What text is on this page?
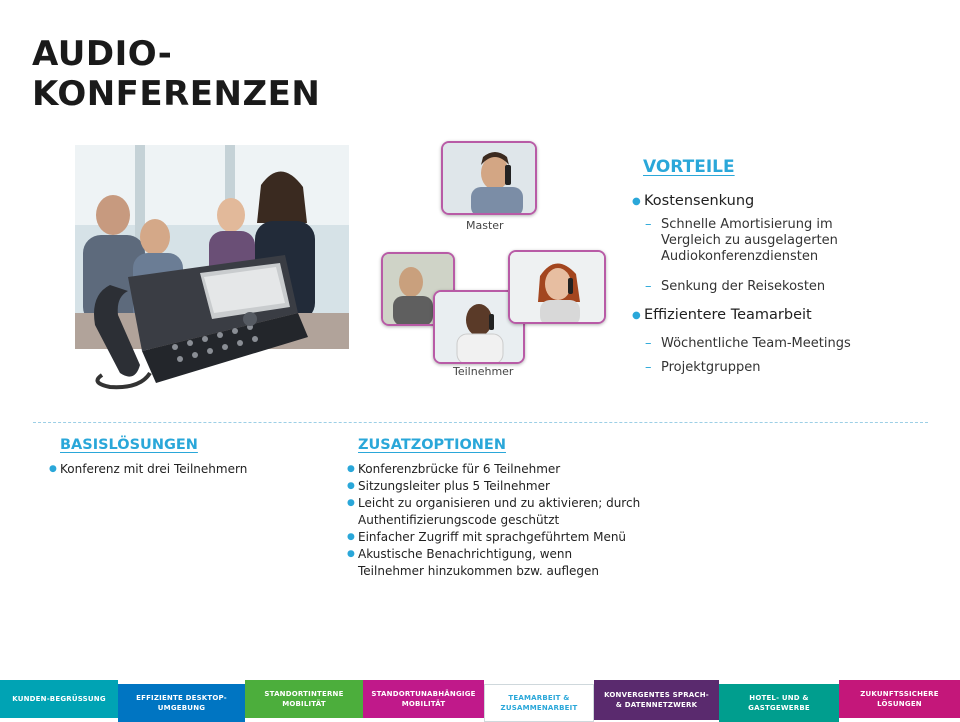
AUDIO-
KONFERENZEN
Master
Teilnehmer
VORTEILE
● Kostensenkung
– Schnelle Amortisierung im Vergleich zu ausgelagerten Audiokonferenzdiensten
– Senkung der Reisekosten
● Effizientere Teamarbeit
– Wöchentliche Team-Meetings
– Projektgruppen
BASISLÖSUNGEN
● Konferenz mit drei Teilnehmern
ZUSATZOPTIONEN
● Konferenzbrücke für 6 Teilnehmer
● Sitzungsleiter plus 5 Teilnehmer
● Leicht zu organisieren und zu aktivieren; durch Authentifizierungscode geschützt
● Einfacher Zugriff mit sprachgeführtem Menü
● Akustische Benachrichtigung, wenn Teilnehmer hinzukommen bzw. auflegen
KUNDEN-BEGRÜSSUNG	EFFIZIENTE DESKTOP-UMGEBUNG
STANDORTINTERNE MOBILITÄT
STANDORTUNABHÄNGIGE MOBILITÄT
TEAMARBEIT & ZUSAMMENARBEIT
KONVERGENTES SPRACH- & DATENNETZWERK
HOTEL- UND & GASTGEWERBE
ZUKUNFTSSICHERE LÖSUNGEN
